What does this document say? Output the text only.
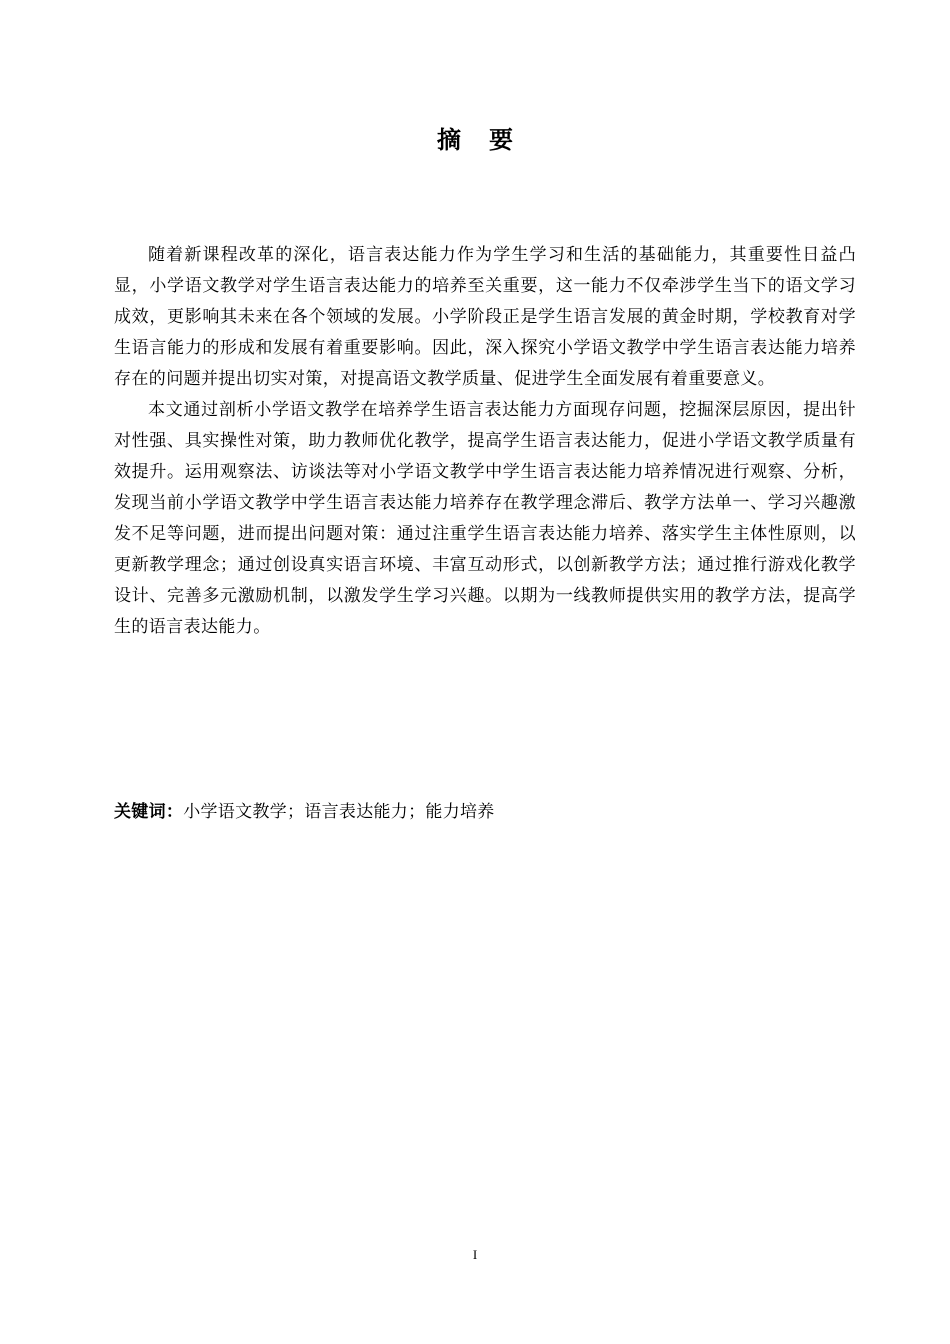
摘要

随着新课程改革的深化，语言表达能力作为学生学习和生活的基础能力，其重要性日益凸显，小学语文教学对学生语言表达能力的培养至关重要，这一能力不仅牵涉学生当下的语文学习成效，更影响其未来在各个领域的发展。小学阶段正是学生语言发展的黄金时期，学校教育对学生语言能力的形成和发展有着重要影响。因此，深入探究小学语文教学中学生语言表达能力培养存在的问题并提出切实对策，对提高语文教学质量、促进学生全面发展有着重要意义。

本文通过剖析小学语文教学在培养学生语言表达能力方面现存问题，挖掘深层原因，提出针对性强、具实操性对策，助力教师优化教学，提高学生语言表达能力，促进小学语文教学质量有效提升。运用观察法、访谈法等对小学语文教学中学生语言表达能力培养情况进行观察、分析，发现当前小学语文教学中学生语言表达能力培养存在教学理念滞后、教学方法单一、学习兴趣激发不足等问题，进而提出问题对策：通过注重学生语言表达能力培养、落实学生主体性原则，以更新教学理念；通过创设真实语言环境、丰富互动形式，以创新教学方法；通过推行游戏化教学设计、完善多元激励机制，以激发学生学习兴趣。以期为一线教师提供实用的教学方法，提高学生的语言表达能力。

关键词：小学语文教学；语言表达能力；能力培养
I
